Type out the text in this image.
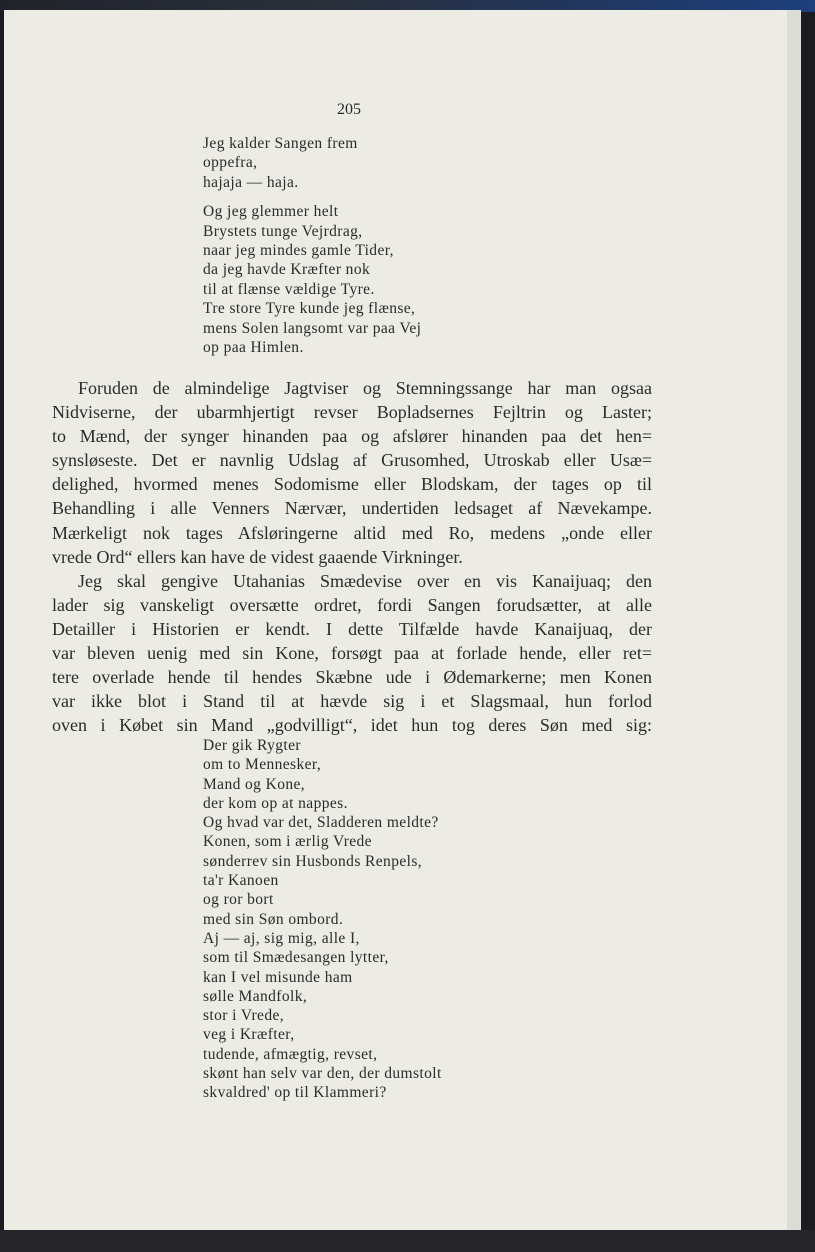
205
Jeg kalder Sangen frem
oppefra,
hajaja — haja.
Og jeg glemmer helt
Brystets tunge Vejrdrag,
naar jeg mindes gamle Tider,
da jeg havde Kræfter nok
til at flænse vældige Tyre.
Tre store Tyre kunde jeg flænse,
mens Solen langsomt var paa Vej
op paa Himlen.

Foruden de almindelige Jagtviser og Stemningssange har man ogsaa
Nidviserne, der ubarmhjertigt revser Bopladsernes Fejltrin og Laster;
to Mænd, der synger hinanden paa og afslører hinanden paa det hen=
synsløseste. Det er navnlig Udslag af Grusomhed, Utroskab eller Usæ=
delighed, hvormed menes Sodomisme eller Blodskam, der tages op til
Behandling i alle Venners Nærvær, undertiden ledsaget af Nævekampe.
Mærkeligt nok tages Afsløringerne altid med Ro, medens „onde eller
vrede Ord“ ellers kan have de videst gaaende Virkninger.

Jeg skal gengive Utahanias Smædevise over en vis Kanaijuaq; den
lader sig vanskeligt oversætte ordret, fordi Sangen forudsætter, at alle
Detailler i Historien er kendt. I dette Tilfælde havde Kanaijuaq, der
var bleven uenig med sin Kone, forsøgt paa at forlade hende, eller ret=
tere overlade hende til hendes Skæbne ude i Ødemarkerne; men Konen
var ikke blot i Stand til at hævde sig i et Slagsmaal, hun forlod
oven i Købet sin Mand „godvilligt“, idet hun tog deres Søn med sig:

Der gik Rygter
om to Mennesker,
Mand og Kone,
der kom op at nappes.
Og hvad var det, Sladderen meldte?
Konen, som i ærlig Vrede
sønderrev sin Husbonds Renpels,
ta'r Kanoen
og ror bort
med sin Søn ombord.
Aj — aj, sig mig, alle I,
som til Smædesangen lytter,
kan I vel misunde ham
sølle Mandfolk,
stor i Vrede,
veg i Kræfter,
tudende, afmægtig, revset,
skønt han selv var den, der dumstolt
skvaldred' op til Klammeri?
